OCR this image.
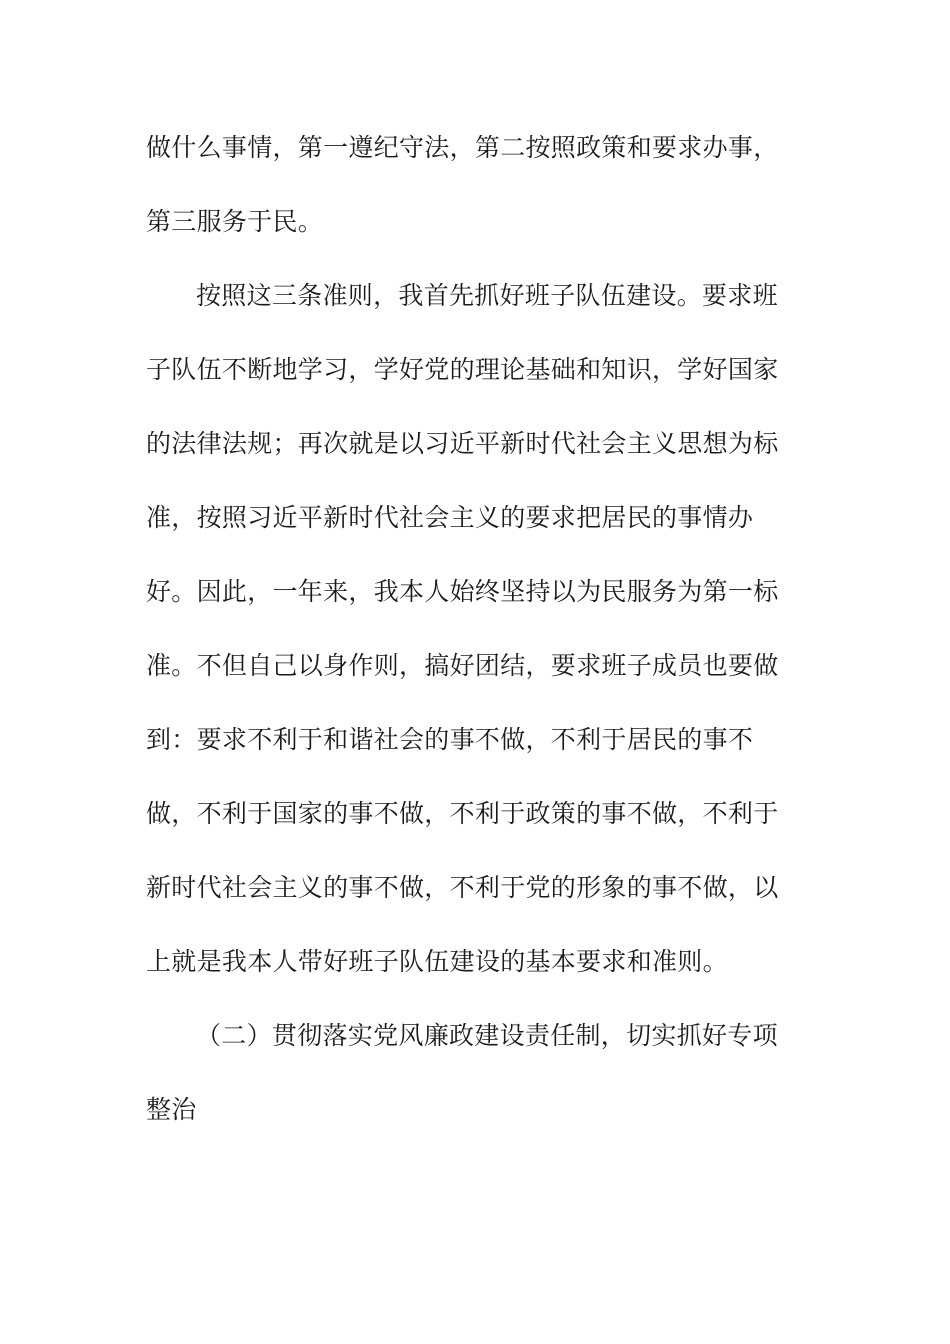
做什么事情，第一遵纪守法，第二按照政策和要求办事，
第三服务于民。
按照这三条准则，我首先抓好班子队伍建设。要求班
子队伍不断地学习，学好党的理论基础和知识，学好国家
的法律法规；再次就是以习近平新时代社会主义思想为标
准，按照习近平新时代社会主义的要求把居民的事情办
好。因此，一年来，我本人始终坚持以为民服务为第一标
准。不但自己以身作则，搞好团结，要求班子成员也要做
到：要求不利于和谐社会的事不做，不利于居民的事不
做，不利于国家的事不做，不利于政策的事不做，不利于
新时代社会主义的事不做，不利于党的形象的事不做，以
上就是我本人带好班子队伍建设的基本要求和准则。
（二）贯彻落实党风廉政建设责任制，切实抓好专项
整治
